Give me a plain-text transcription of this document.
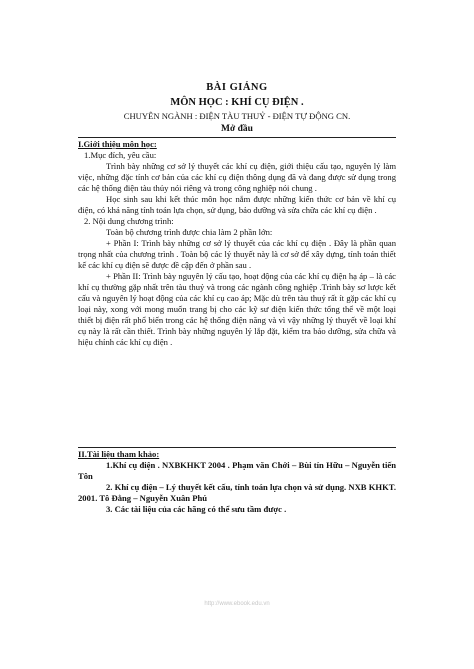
BÀI GIẢNG
MÔN HỌC : KHÍ CỤ ĐIỆN .
CHUYÊN NGÀNH : ĐIỆN TÀU THUỶ - ĐIỆN TỰ ĐỘNG CN.
Mở đầu
I.Giới thiệu môn học:
1.Mục đích, yêu cầu:

Trình bày những cơ sở lý thuyết các khí cụ điện, giới thiệu cấu tạo, nguyên lý làm việc, những đặc tính cơ bản của các khí cụ điện thông dụng đã và đang được sử dụng trong các hệ thống điện tàu thủy nói riêng và trong công nghiệp nói chung .

Học sinh sau khi kết thúc môn học nắm được những kiến thức cơ bản về khí cụ điện, có khả năng tính toán lựa chọn, sử dụng, bảo dưỡng và sửa chữa các khí cụ điện .

2. Nội dung chương trình:

Toàn bộ chương trình được chia làm 2 phần lớn:

+ Phần I: Trình bày những cơ sở lý thuyết của các khí cụ điện . Đây là phần quan trọng nhất của chương trình . Toàn bộ các lý thuyết này là cơ sở để xây dựng, tính toán thiết kế các khí cụ điện sẽ được đề cập đến ở phần sau .

+ Phần II: Trình bày nguyên lý cấu tạo, hoạt động của các khí cụ điện hạ áp – là các khí cụ thường gặp nhất trên tàu thuỷ và trong các ngành công nghiệp .Trình bày sơ lược kết cấu và nguyên lý hoạt động của các khí cụ cao áp; Mặc dù trên tàu thuỷ rất ít gặp các khí cụ loại này, xong với mong muốn trang bị cho các kỹ sư điện kiến thức tổng thể về một loại thiết bị điện rất phổ biến trong các hệ thống điện năng và vì vậy những lý thuyết về loại khí cụ này là rất cần thiết. Trình bày những nguyên lý lắp đặt, kiểm tra bảo dưỡng, sửa chữa và hiệu chỉnh các khí cụ điện .

II.Tài liệu tham khảo:

1.Khí cụ điện . NXBKHKT 2004 . Phạm văn Chới – Bùi tín Hữu – Nguyễn tiến Tôn

2. Khí cụ điện – Lý thuyết kết cấu, tính toán lựa chọn và sử dụng. NXB KHKT. 2001. Tô Đằng – Nguyễn Xuân Phú

3. Các tài liệu của các hãng có thể sưu tầm được .

http://www.ebook.edu.vn
